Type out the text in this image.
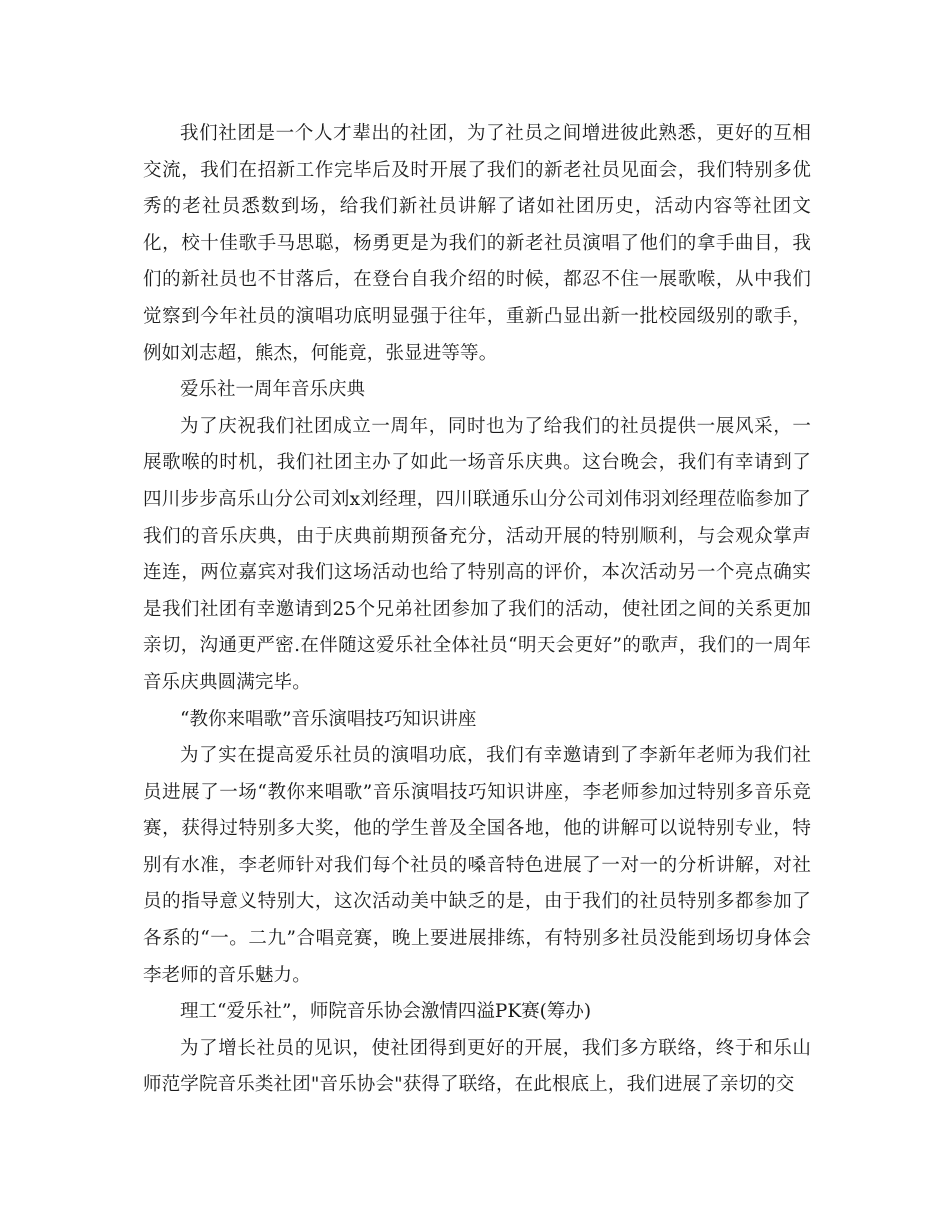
我们社团是一个人才辈出的社团，为了社员之间增进彼此熟悉，更好的互相交流，我们在招新工作完毕后及时开展了我们的新老社员见面会，我们特别多优秀的老社员悉数到场，给我们新社员讲解了诸如社团历史，活动内容等社团文化，校十佳歌手马思聪，杨勇更是为我们的新老社员演唱了他们的拿手曲目，我们的新社员也不甘落后，在登台自我介绍的时候，都忍不住一展歌喉，从中我们觉察到今年社员的演唱功底明显强于往年，重新凸显出新一批校园级别的歌手，例如刘志超，熊杰，何能竟，张显进等等。

爱乐社一周年音乐庆典

为了庆祝我们社团成立一周年，同时也为了给我们的社员提供一展风采，一展歌喉的时机，我们社团主办了如此一场音乐庆典。这台晚会，我们有幸请到了四川步步高乐山分公司刘x刘经理，四川联通乐山分公司刘伟羽刘经理莅临参加了我们的音乐庆典，由于庆典前期预备充分，活动开展的特别顺利，与会观众掌声连连，两位嘉宾对我们这场活动也给了特别高的评价，本次活动另一个亮点确实是我们社团有幸邀请到25个兄弟社团参加了我们的活动，使社团之间的关系更加亲切，沟通更严密.在伴随这爱乐社全体社员“明天会更好”的歌声，我们的一周年音乐庆典圆满完毕。

“教你来唱歌”音乐演唱技巧知识讲座

为了实在提高爱乐社员的演唱功底，我们有幸邀请到了李新年老师为我们社员进展了一场“教你来唱歌”音乐演唱技巧知识讲座，李老师参加过特别多音乐竞赛，获得过特别多大奖，他的学生普及全国各地，他的讲解可以说特别专业，特别有水准，李老师针对我们每个社员的嗓音特色进展了一对一的分析讲解，对社员的指导意义特别大，这次活动美中缺乏的是，由于我们的社员特别多都参加了各系的“一。二九”合唱竞赛，晚上要进展排练，有特别多社员没能到场切身体会李老师的音乐魅力。

理工“爱乐社”，师院音乐协会激情四溢PK赛(筹办)

为了增长社员的见识，使社团得到更好的开展，我们多方联络，终于和乐山师范学院音乐类社团"音乐协会"获得了联络，在此根底上，我们进展了亲切的交
